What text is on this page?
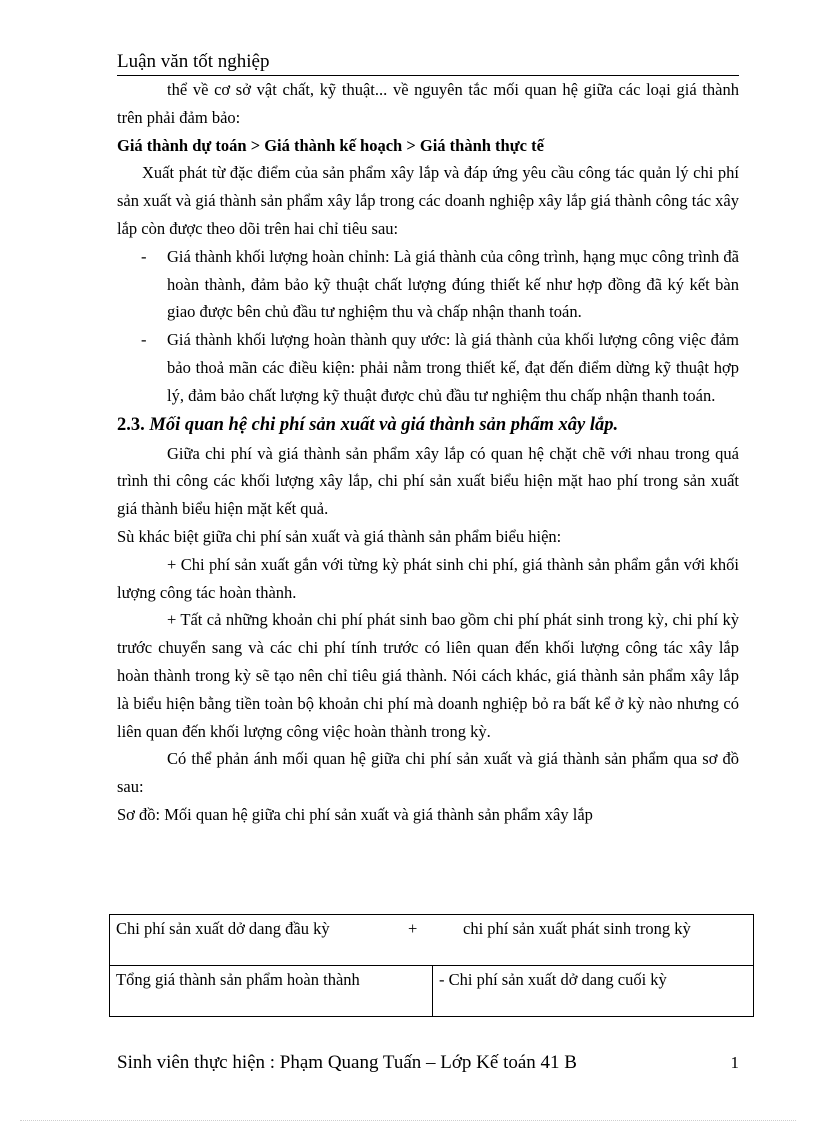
Luận văn tốt nghiệp

thể về cơ sở vật chất, kỹ thuật... về nguyên tắc mối quan hệ giữa các loại giá thành trên phải đảm bảo:

Giá thành dự toán > Giá thành kế hoạch > Giá thành thực tế

Xuất phát từ đặc điểm của sản phẩm xây lắp và đáp ứng yêu cầu công tác quản lý chi phí sản xuất và giá thành sản phẩm xây lắp trong các doanh nghiệp xây lắp giá thành công tác xây lắp còn được theo dõi trên hai chỉ tiêu sau:

- Giá thành khối lượng hoàn chỉnh: Là giá thành của công trình, hạng mục công trình đã hoàn thành, đảm bảo kỹ thuật chất lượng đúng thiết kế như hợp đồng đã ký kết bàn giao được bên chủ đầu tư nghiệm thu và chấp nhận thanh toán.
- Giá thành khối lượng hoàn thành quy ước: là giá thành của khối lượng công việc đảm bảo thoả mãn các điều kiện: phải nằm trong thiết kế, đạt đến điểm dừng kỹ thuật hợp lý, đảm bảo chất lượng kỹ thuật được chủ đầu tư nghiệm thu chấp nhận thanh toán.

2.3. Mối quan hệ chi phí sản xuất và giá thành sản phẩm xây lắp.

Giữa chi phí và giá thành sản phẩm xây lắp có quan hệ chặt chẽ với nhau trong quá trình thi công các khối lượng xây lắp, chi phí sản xuất biểu hiện mặt hao phí trong sản xuất giá thành biểu hiện mặt kết quả.

Sù khác biệt giữa chi phí sản xuất và giá thành sản phẩm biểu hiện:

+ Chi phí sản xuất gắn với từng kỳ phát sinh chi phí, giá thành sản phẩm gắn với khối lượng công tác hoàn thành.

+ Tất cả những khoản chi phí phát sinh bao gồm chi phí phát sinh trong kỳ, chi phí kỳ trước chuyển sang và các chi phí tính trước có liên quan đến khối lượng công tác xây lắp hoàn thành trong kỳ sẽ tạo nên chỉ tiêu giá thành. Nói cách khác, giá thành sản phẩm xây lắp là biểu hiện bằng tiền toàn bộ khoản chi phí mà doanh nghiệp bỏ ra bất kể ở kỳ nào nhưng có liên quan đến khối lượng công việc hoàn thành trong kỳ.

Có thể phản ánh mối quan hệ giữa chi phí sản xuất và giá thành sản phẩm qua sơ đồ sau:

Sơ đồ: Mối quan hệ giữa chi phí sản xuất và giá thành sản phẩm xây lắp

Chi phí sản xuất dở dang đầu kỳ	+	chi phí sản xuất phát sinh trong kỳ

Tổng giá thành sản phẩm hoàn thành	- Chi phí sản xuất dở dang cuối kỳ
Sinh viên thực hiện : Phạm Quang Tuấn – Lớp Kế toán 41 B	1
